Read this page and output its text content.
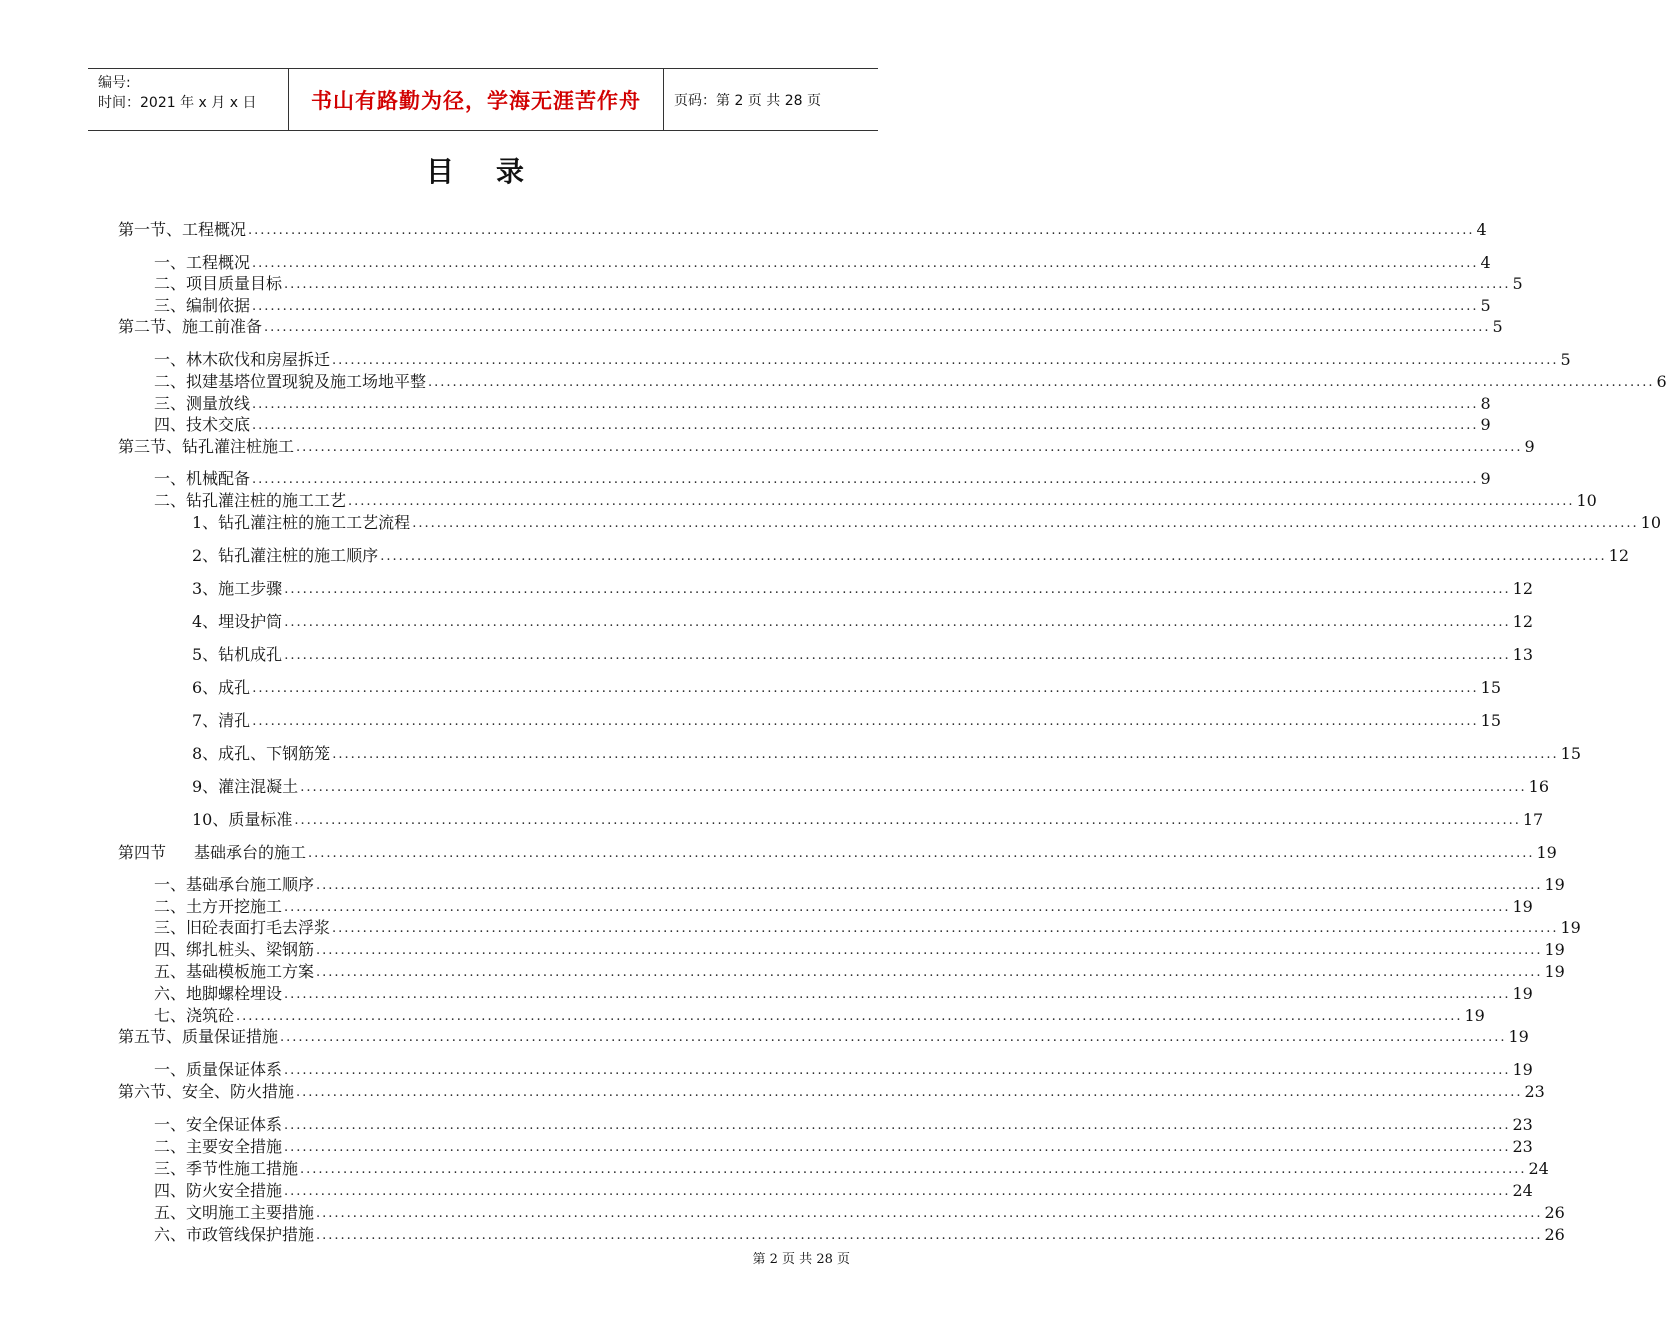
编号:
时间：2021 年 x 月 x 日	书山有路勤为径，学海无涯苦作舟	页码：第 2 页 共 28 页
目录
第一节、工程概况 ........................................................................................................................................................................................................ 4
一、工程概况 ........................................................................................................................................................................................................ 4
二、项目质量目标 ........................................................................................................................................................................................................ 5
三、编制依据 ........................................................................................................................................................................................................ 5
第二节、施工前准备 ........................................................................................................................................................................................................ 5
一、林木砍伐和房屋拆迁 ........................................................................................................................................................................................................ 5
二、拟建基塔位置现貌及施工场地平整 ........................................................................................................................................................................................................ 6
三、测量放线 ........................................................................................................................................................................................................ 8
四、技术交底 ........................................................................................................................................................................................................ 9
第三节、钻孔灌注桩施工 ........................................................................................................................................................................................................ 9
一、机械配备 ........................................................................................................................................................................................................ 9
二、钻孔灌注桩的施工工艺 ........................................................................................................................................................................................................ 10
1、钻孔灌注桩的施工工艺流程 ........................................................................................................................................................................................................ 10
2、钻孔灌注桩的施工顺序 ........................................................................................................................................................................................................ 12
3、施工步骤 ........................................................................................................................................................................................................ 12
4、埋设护筒 ........................................................................................................................................................................................................ 12
5、钻机成孔 ........................................................................................................................................................................................................ 13
6、成孔 ........................................................................................................................................................................................................ 15
7、清孔 ........................................................................................................................................................................................................ 15
8、成孔、下钢筋笼 ........................................................................................................................................................................................................ 15
9、灌注混凝土 ........................................................................................................................................................................................................ 16
10、质量标准 ........................................................................................................................................................................................................ 17
第四节 基础承台的施工 ........................................................................................................................................................................................................ 19
一、基础承台施工顺序 ........................................................................................................................................................................................................ 19
二、土方开挖施工 ........................................................................................................................................................................................................ 19
三、旧砼表面打毛去浮浆 ........................................................................................................................................................................................................ 19
四、绑扎桩头、梁钢筋 ........................................................................................................................................................................................................ 19
五、基础模板施工方案 ........................................................................................................................................................................................................ 19
六、地脚螺栓埋设 ........................................................................................................................................................................................................ 19
七、浇筑砼 ........................................................................................................................................................................................................ 19
第五节、质量保证措施 ........................................................................................................................................................................................................ 19
一、质量保证体系 ........................................................................................................................................................................................................ 19
第六节、安全、防火措施 ........................................................................................................................................................................................................ 23
一、安全保证体系 ........................................................................................................................................................................................................ 23
二、主要安全措施 ........................................................................................................................................................................................................ 23
三、季节性施工措施 ........................................................................................................................................................................................................ 24
四、防火安全措施 ........................................................................................................................................................................................................ 24
五、文明施工主要措施 ........................................................................................................................................................................................................ 26
六、市政管线保护措施 ........................................................................................................................................................................................................ 26
第 2 页 共 28 页
